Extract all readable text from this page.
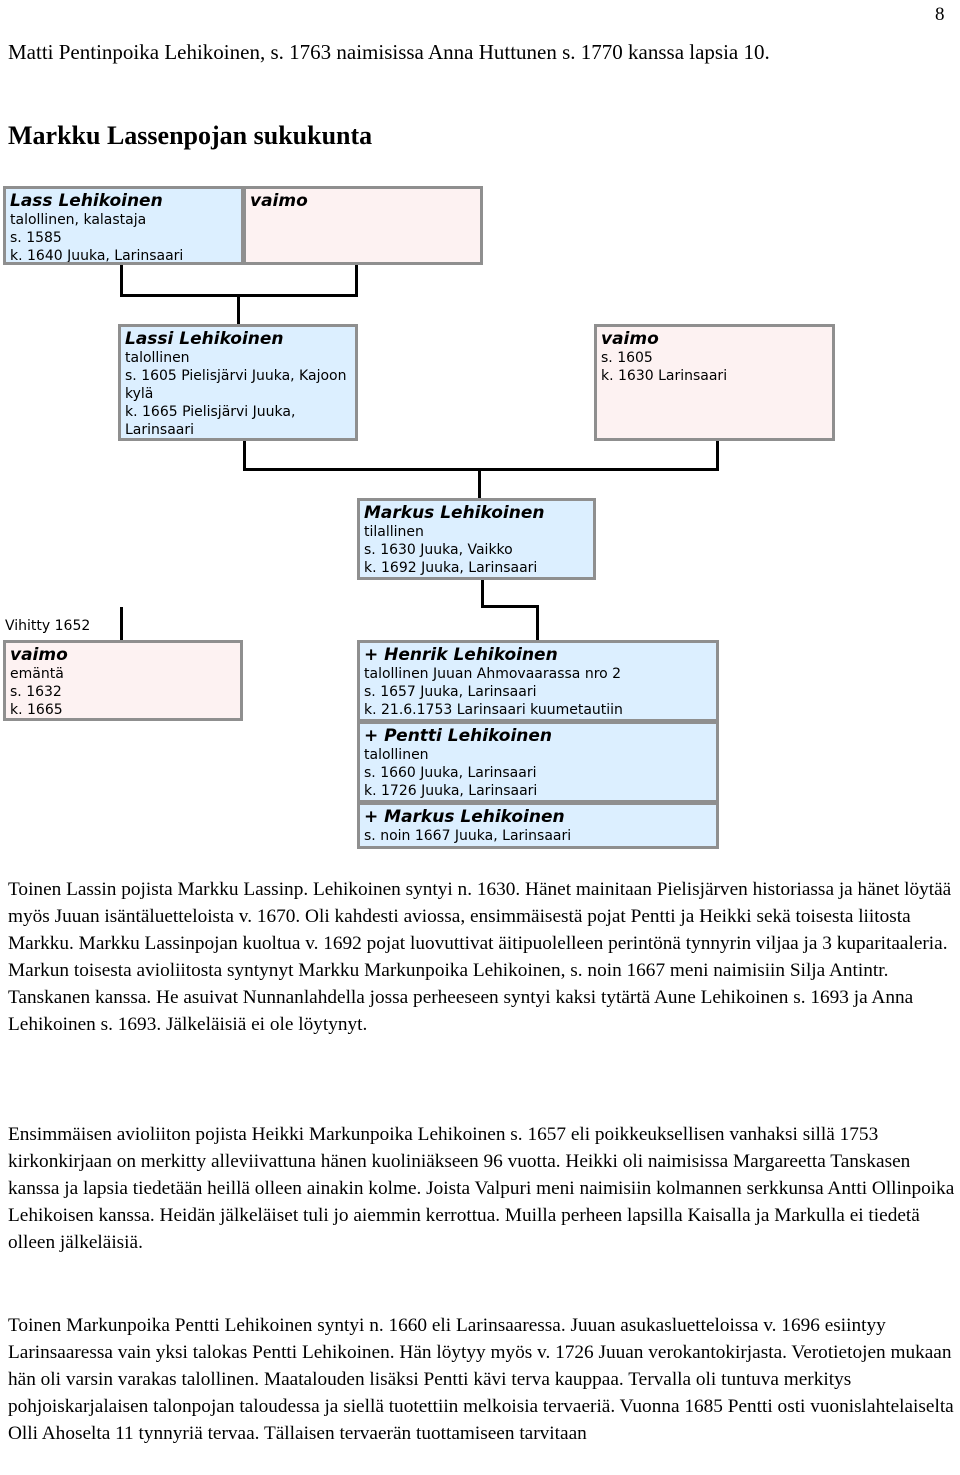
8
Matti Pentinpoika Lehikoinen, s. 1763 naimisissa Anna Huttunen s. 1770 kanssa lapsia 10.
Markku Lassenpojan sukukunta
Lass Lehikoinen
talollinen, kalastaja
s. 1585
k. 1640 Juuka, Larinsaari
vaimo
Lassi Lehikoinen
talollinen
s. 1605 Pielisjärvi Juuka, Kajoon kylä
k. 1665 Pielisjärvi Juuka, Larinsaari
vaimo
s. 1605
k. 1630 Larinsaari
Markus Lehikoinen
tilallinen
s. 1630 Juuka, Vaikko
k. 1692 Juuka, Larinsaari
Vihitty 1652
vaimo
emäntä
s. 1632
k. 1665
+ Henrik Lehikoinen
talollinen Juuan Ahmovaarassa nro 2
s. 1657 Juuka, Larinsaari
k. 21.6.1753 Larinsaari kuumetautiin
+ Pentti Lehikoinen
talollinen
s. 1660 Juuka, Larinsaari
k. 1726 Juuka, Larinsaari
+ Markus Lehikoinen
s. noin 1667 Juuka, Larinsaari

Toinen Lassin pojista Markku Lassinp. Lehikoinen syntyi n. 1630. Hänet mainitaan Pielisjärven historiassa ja hänet löytää myös Juuan isäntäluetteloista v. 1670. Oli kahdesti aviossa, ensimmäisestä pojat Pentti ja Heikki sekä toisesta liitosta Markku. Markku Lassinpojan kuoltua v. 1692 pojat luovuttivat äitipuolelleen perintönä tynnyrin viljaa ja 3 kuparitaaleria. Markun toisesta avioliitosta syntynyt Markku Markunpoika Lehikoinen, s. noin 1667 meni naimisiin Silja Antintr. Tanskanen kanssa. He asuivat Nunnanlahdella jossa perheeseen syntyi kaksi tytärtä Aune Lehikoinen s. 1693 ja Anna Lehikoinen s. 1693. Jälkeläisiä ei ole löytynyt.

Ensimmäisen avioliiton pojista Heikki Markunpoika Lehikoinen s. 1657 eli poikkeuksellisen vanhaksi sillä 1753 kirkonkirjaan on merkitty alleviivattuna hänen kuoliniäkseen 96 vuotta. Heikki oli naimisissa Margareetta Tanskasen kanssa ja lapsia tiedetään heillä olleen ainakin kolme. Joista Valpuri meni naimisiin kolmannen serkkunsa Antti Ollinpoika Lehikoisen kanssa. Heidän jälkeläiset tuli jo aiemmin kerrottua. Muilla perheen lapsilla Kaisalla ja Markulla ei tiedetä olleen jälkeläisiä.

Toinen Markunpoika Pentti Lehikoinen syntyi n. 1660 eli Larinsaaressa. Juuan asukasluetteloissa v. 1696 esiintyy Larinsaaressa vain yksi talokas Pentti Lehikoinen. Hän löytyy myös v. 1726 Juuan verokantokirjasta. Verotietojen mukaan hän oli varsin varakas talollinen. Maatalouden lisäksi Pentti kävi terva kauppaa. Tervalla oli tuntuva merkitys pohjoiskarjalaisen talonpojan taloudessa ja siellä tuotettiin melkoisia tervaeriä. Vuonna 1685 Pentti osti vuonislahtelaiselta Olli Ahoselta 11 tynnyriä tervaa. Tällaisen tervaerän tuottamiseen tarvitaan
